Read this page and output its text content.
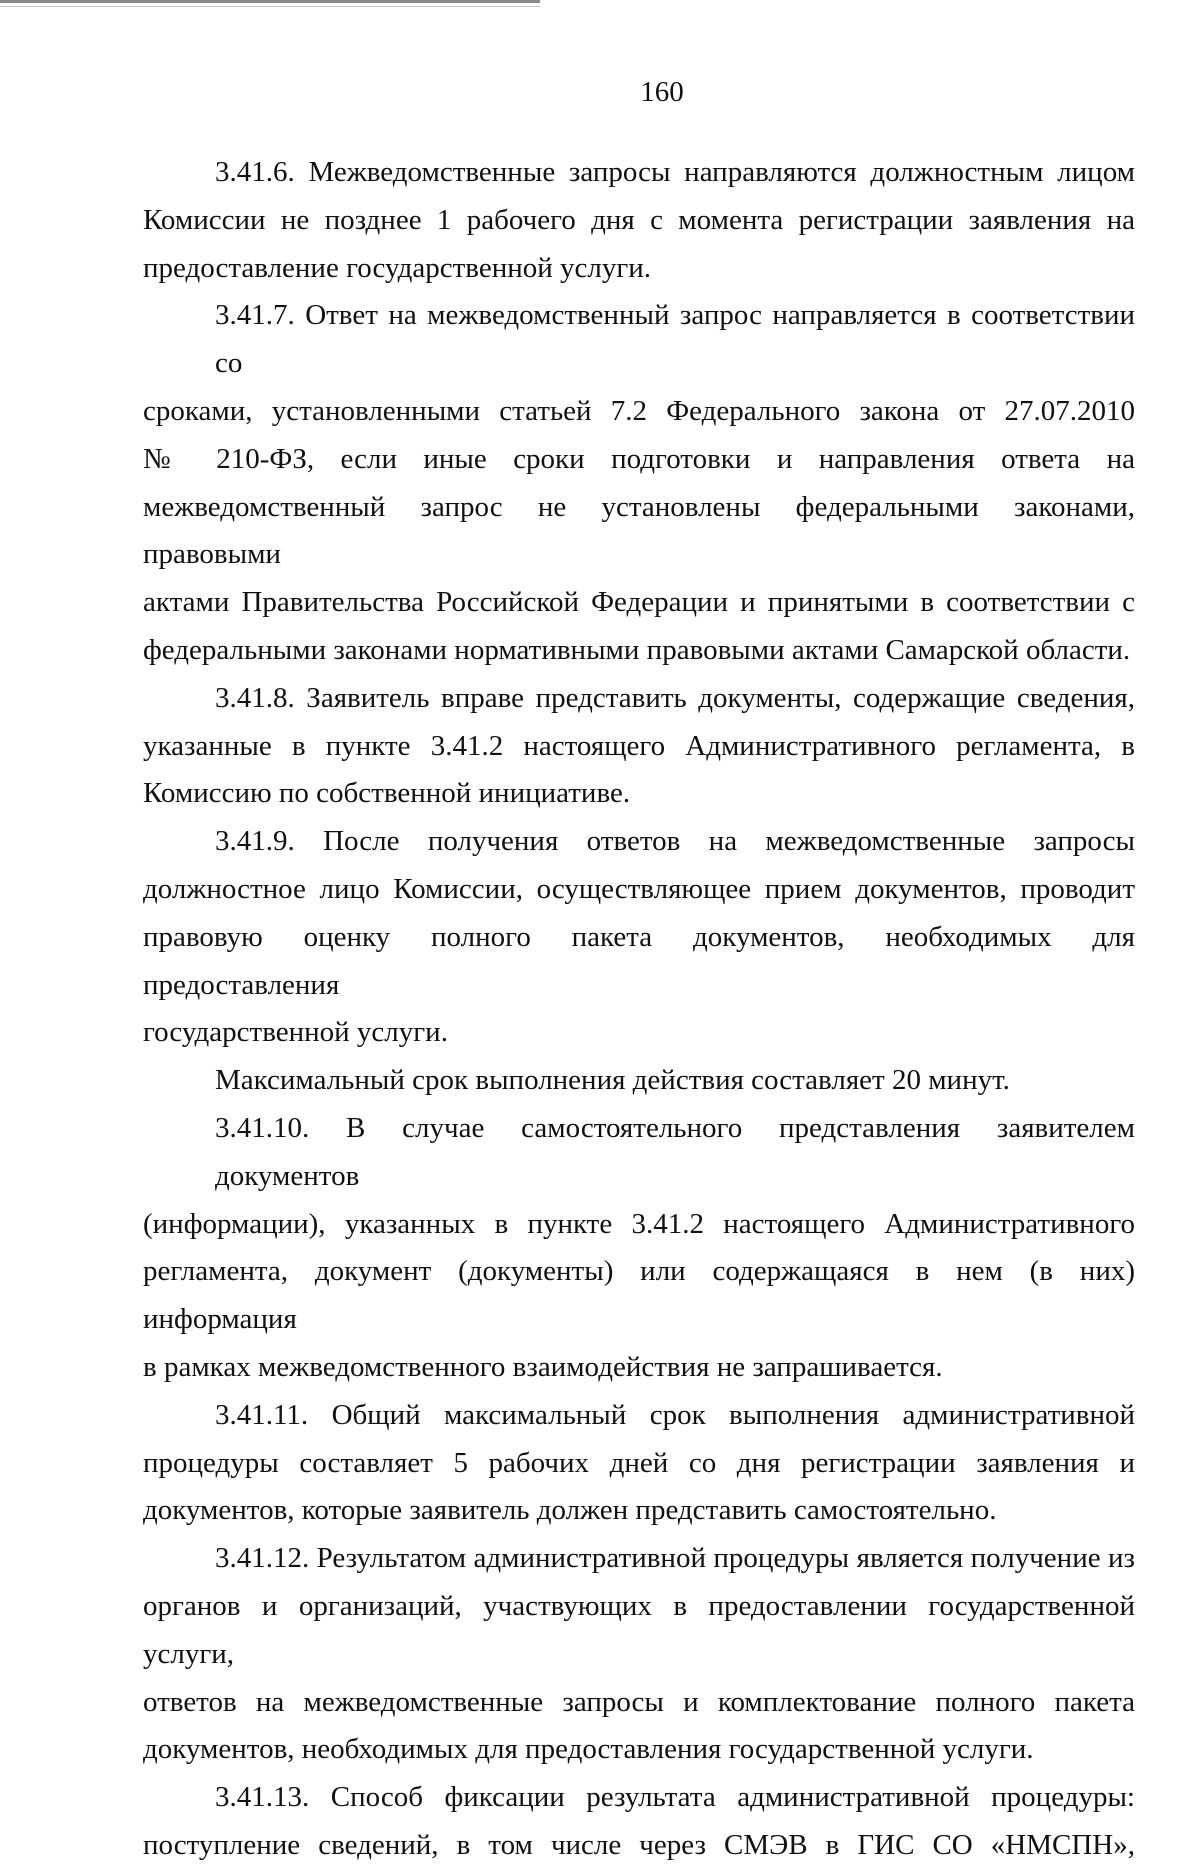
160
3.41.6. Межведомственные запросы направляются должностным лицом
Комиссии не позднее 1 рабочего дня с момента регистрации заявления на
предоставление государственной услуги.
3.41.7. Ответ на межведомственный запрос направляется в соответствии со
сроками, установленными статьей 7.2 Федерального закона от 27.07.2010
№ 210-ФЗ, если иные сроки подготовки и направления ответа на
межведомственный запрос не установлены федеральными законами, правовыми
актами Правительства Российской Федерации и принятыми в соответствии с
федеральными законами нормативными правовыми актами Самарской области.
3.41.8. Заявитель вправе представить документы, содержащие сведения,
указанные в пункте 3.41.2 настоящего Административного регламента, в
Комиссию по собственной инициативе.
3.41.9. После получения ответов на межведомственные запросы
должностное лицо Комиссии, осуществляющее прием документов, проводит
правовую оценку полного пакета документов, необходимых для предоставления
государственной услуги.
Максимальный срок выполнения действия составляет 20 минут.
3.41.10. В случае самостоятельного представления заявителем документов
(информации), указанных в пункте 3.41.2 настоящего Административного
регламента, документ (документы) или содержащаяся в нем (в них) информация
в рамках межведомственного взаимодействия не запрашивается.
3.41.11. Общий максимальный срок выполнения административной
процедуры составляет 5 рабочих дней со дня регистрации заявления и
документов, которые заявитель должен представить самостоятельно.
3.41.12. Результатом административной процедуры является получение из
органов и организаций, участвующих в предоставлении государственной услуги,
ответов на межведомственные запросы и комплектование полного пакета
документов, необходимых для предоставления государственной услуги.
3.41.13. Способ фиксации результата административной процедуры:
поступление сведений, в том числе через СМЭВ в ГИС СО «НМСПН»,
